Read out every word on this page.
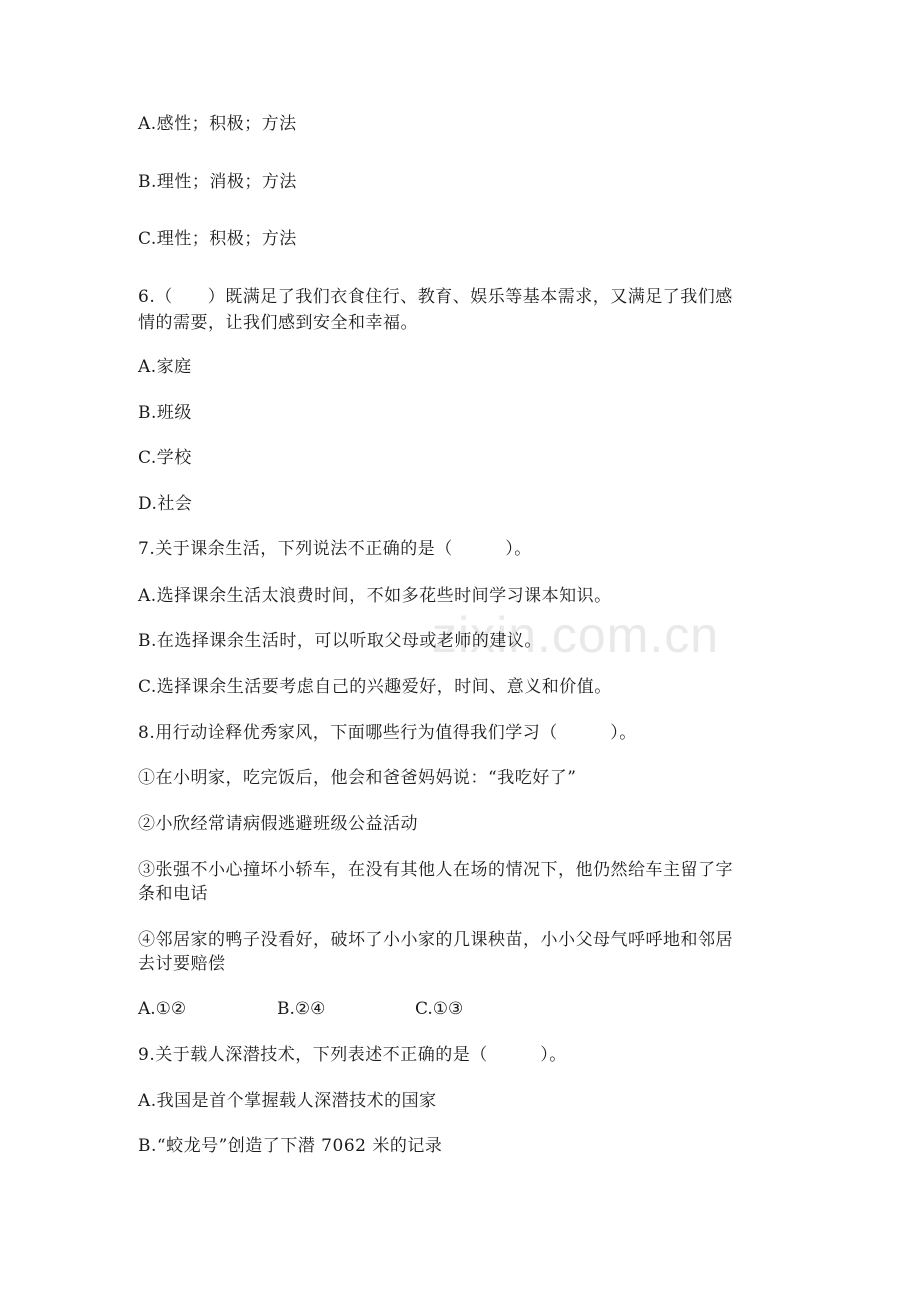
zixin.com.cn
A.感性；积极；方法
B.理性；消极；方法
C.理性；积极；方法
6.（　　）既满足了我们衣食住行、教育、娱乐等基本需求，又满足了我们感
情的需要，让我们感到安全和幸福。
A.家庭
B.班级
C.学校
D.社会
7.关于课余生活，下列说法不正确的是（　　　）。
A.选择课余生活太浪费时间，不如多花些时间学习课本知识。
B.在选择课余生活时，可以听取父母或老师的建议。
C.选择课余生活要考虑自己的兴趣爱好，时间、意义和价值。
8.用行动诠释优秀家风，下面哪些行为值得我们学习（　　　）。
①在小明家，吃完饭后，他会和爸爸妈妈说：“我吃好了”
②小欣经常请病假逃避班级公益活动
③张强不小心撞坏小轿车，在没有其他人在场的情况下，他仍然给车主留了字
条和电话
④邻居家的鸭子没看好，破坏了小小家的几课秧苗，小小父母气呼呼地和邻居
去讨要赔偿
A.①②	B.②④	C.①③
9.关于载人深潜技术，下列表述不正确的是（　　　）。
A.我国是首个掌握载人深潜技术的国家
B.“蛟龙号”创造了下潜 7062 米的记录
